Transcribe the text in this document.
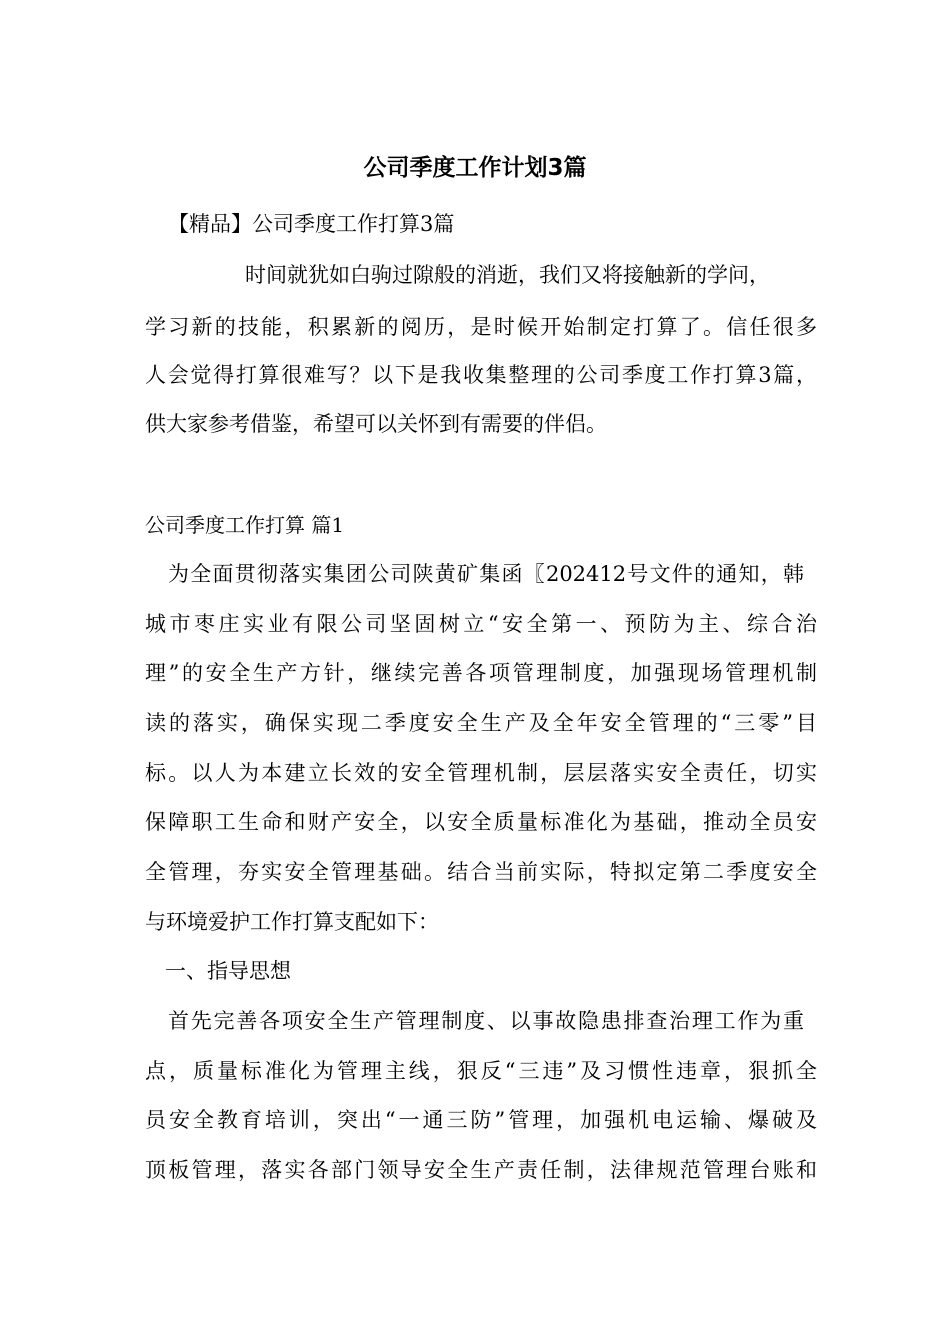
公司季度工作计划3篇

【精品】公司季度工作打算3篇

时间就犹如白驹过隙般的消逝，我们又将接触新的学问，

学习新的技能，积累新的阅历，是时候开始制定打算了。信任很多

人会觉得打算很难写？以下是我收集整理的公司季度工作打算3篇，

供大家参考借鉴，希望可以关怀到有需要的伴侣。

公司季度工作打算 篇1

为全面贯彻落实集团公司陕黄矿集函〖202412号文件的通知，韩

城市枣庄实业有限公司坚固树立“安全第一、预防为主、综合治

理”的安全生产方针，继续完善各项管理制度，加强现场管理机制

读的落实，确保实现二季度安全生产及全年安全管理的“三零”目

标。以人为本建立长效的安全管理机制，层层落实安全责任，切实

保障职工生命和财产安全，以安全质量标准化为基础，推动全员安

全管理，夯实安全管理基础。结合当前实际，特拟定第二季度安全

与环境爱护工作打算支配如下：

一、指导思想

首先完善各项安全生产管理制度、以事故隐患排查治理工作为重

点，质量标准化为管理主线，狠反“三违”及习惯性违章，狠抓全

员安全教育培训，突出“一通三防”管理，加强机电运输、爆破及

顶板管理，落实各部门领导安全生产责任制，法律规范管理台账和
